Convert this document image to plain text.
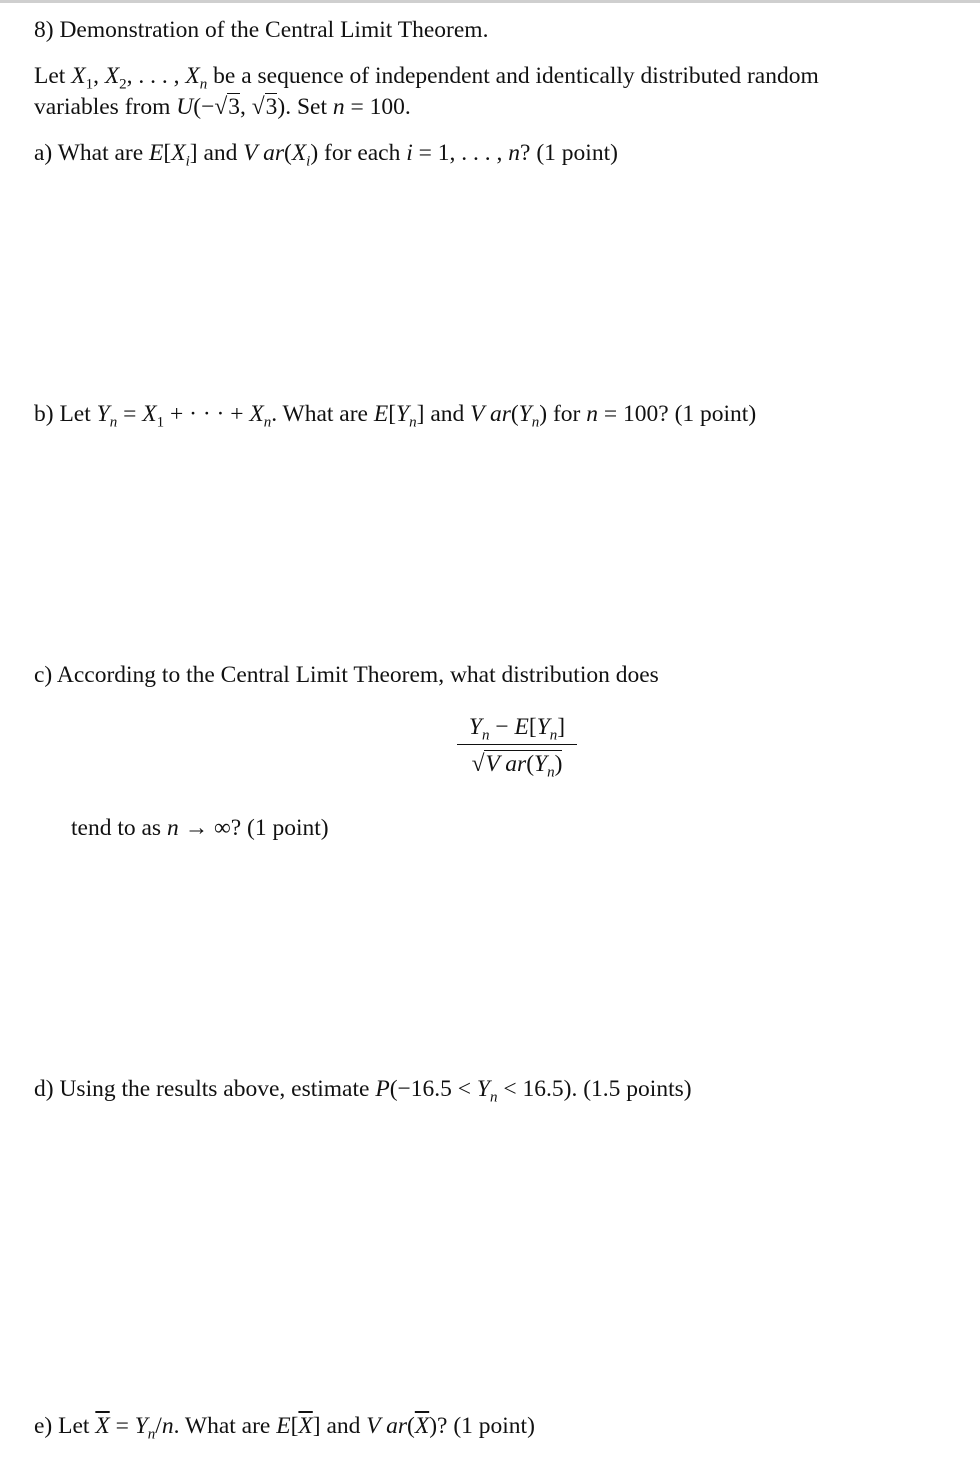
8) Demonstration of the Central Limit Theorem.
Let $X_1$, $X_2$, . . . , $X_n$ be a sequence of independent and identically distributed random
variables from U(−√3, √3). Set n = 100.
a) What are $E[X_i]$ and V $ar(X_i)$ for each i = 1, . . . , n? (1 point)
b) Let $Y_n = X_1$ + · · · + $X_n$. What are $E[Y_n]$ and V $ar(Y_n)$ for n = 100? (1 point)
c) According to the Central Limit Theorem, what distribution does
$Y_n - E[Y_n]$
√V $ar(Y_n)$
tend to as n → ∞? (1 point)
d) Using the results above, estimate $P(-16.5 < Y_n < 16.5)$. (1.5 points)
e) Let $\overline{X} = Y_n/n$. What are $E[\overline{X}]$ and V $ar(\overline{X})$? (1 point)
